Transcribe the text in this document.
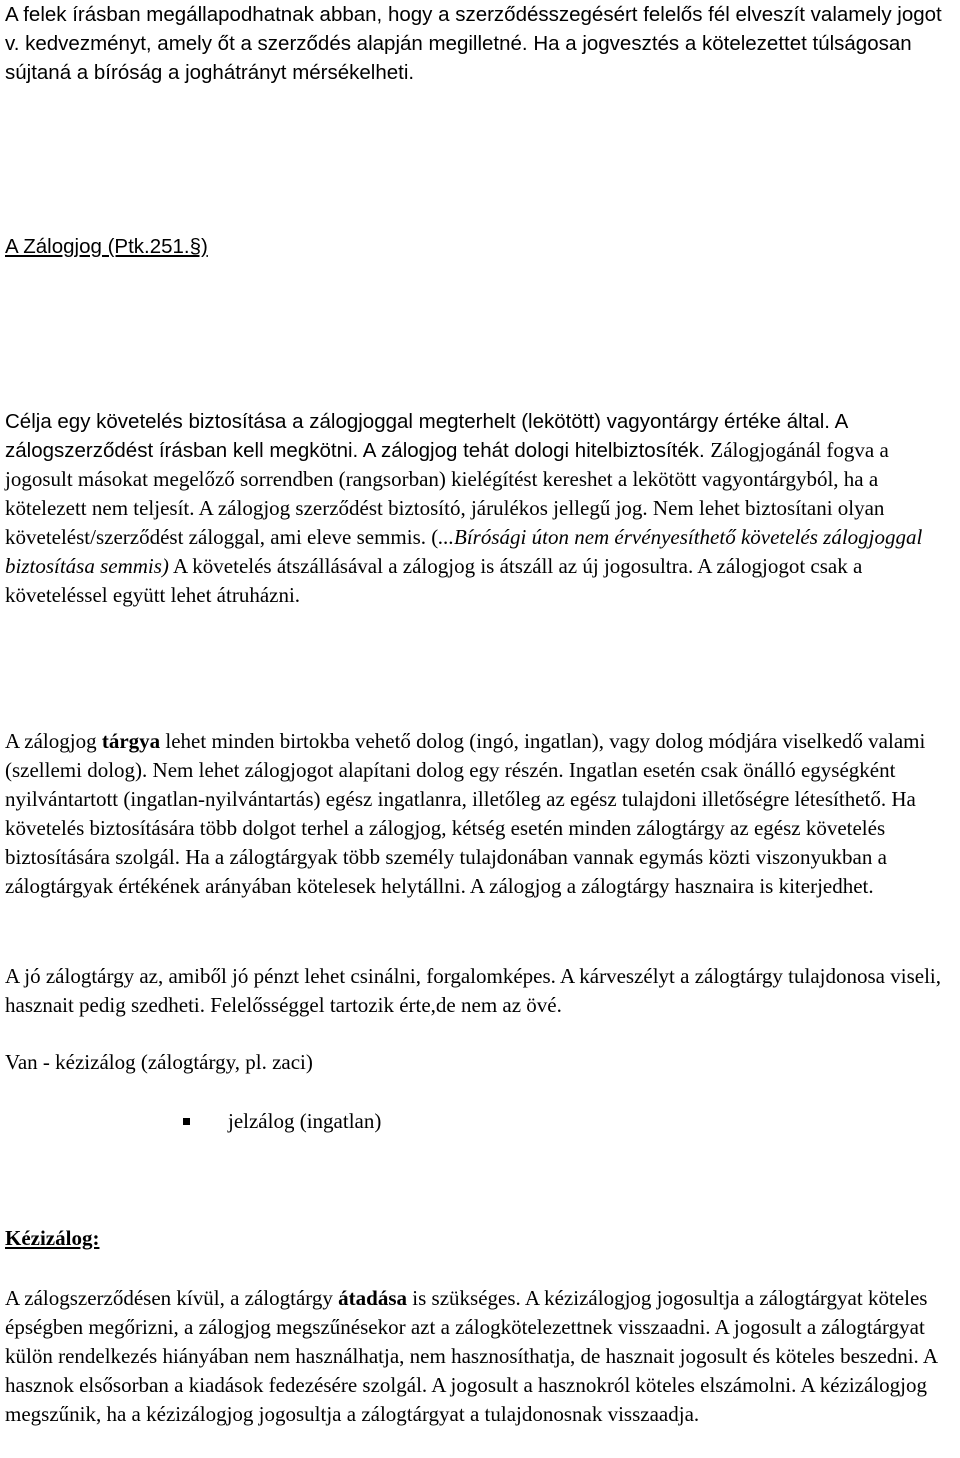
A felek írásban megállapodhatnak abban, hogy a szerződésszegésért felelős fél elveszít valamely jogot v. kedvezményt, amely őt a szerződés alapján megilletné. Ha a jogvesztés a kötelezettet túlságosan sújtaná a bíróság a joghátrányt mérsékelheti.

A Zálogjog (Ptk.251.§)

Célja egy követelés biztosítása a zálogjoggal megterhelt (lekötött) vagyontárgy értéke által. A zálogszerződést írásban kell megkötni. A zálogjog tehát dologi hitelbiztosíték. Zálogjogánál fogva a jogosult másokat megelőző sorrendben (rangsorban) kielégítést kereshet a lekötött vagyontárgyból, ha a kötelezett nem teljesít. A zálogjog szerződést biztosító, járulékos jellegű jog. Nem lehet biztosítani olyan követelést/szerződést záloggal, ami eleve semmis. (...Bírósági úton nem érvényesíthető követelés zálogjoggal biztosítása semmis) A követelés átszállásával a zálogjog is átszáll az új jogosultra. A zálogjogot csak a követeléssel együtt lehet átruházni.

A zálogjog tárgya lehet minden birtokba vehető dolog (ingó, ingatlan), vagy dolog módjára viselkedő valami (szellemi dolog). Nem lehet zálogjogot alapítani dolog egy részén. Ingatlan esetén csak önálló egységként nyilvántartott (ingatlan-nyilvántartás) egész ingatlanra, illetőleg az egész tulajdoni illetőségre létesíthető. Ha követelés biztosítására több dolgot terhel a zálogjog, kétség esetén minden zálogtárgy az egész követelés biztosítására szolgál. Ha a zálogtárgyak több személy tulajdonában vannak egymás közti viszonyukban a zálogtárgyak értékének arányában kötelesek helytállni. A zálogjog a zálogtárgy hasznaira is kiterjedhet.

A jó zálogtárgy az, amiből jó pénzt lehet csinálni, forgalomképes. A kárveszélyt a zálogtárgy tulajdonosa viseli, hasznait pedig szedheti. Felelősséggel tartozik érte,de nem az övé.

Van - kézizálog (zálogtárgy, pl. zaci)

jelzálog (ingatlan)

Kézizálog:

A zálogszerződésen kívül, a zálogtárgy átadása is szükséges. A kézizálogjog jogosultja a zálogtárgyat köteles épségben megőrizni, a zálogjog megszűnésekor azt a zálogkötelezettnek visszaadni. A jogosult a zálogtárgyat külön rendelkezés hiányában nem használhatja, nem hasznosíthatja, de hasznait jogosult és köteles beszedni. A hasznok elsősorban a kiadások fedezésére szolgál. A jogosult a hasznokról köteles elszámolni. A kézizálogjog megszűnik, ha a kézizálogjog jogosultja a zálogtárgyat a tulajdonosnak visszaadja.
